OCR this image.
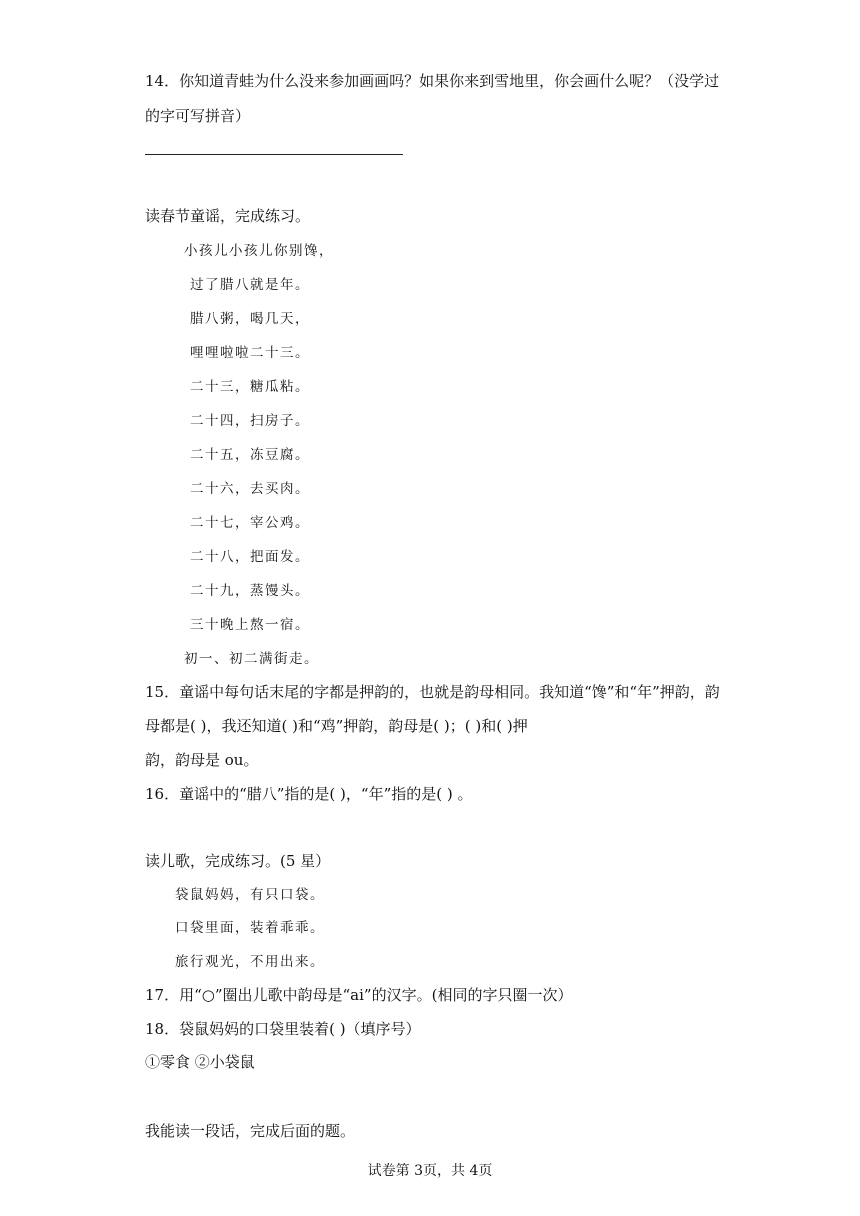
14．你知道青蛙为什么没来参加画画吗？如果你来到雪地里，你会画什么呢？（没学过
的字可写拼音）
读春节童谣，完成练习。
小孩儿小孩儿你别馋，
过了腊八就是年。
腊八粥，喝几天，
哩哩啦啦二十三。
二十三，糖瓜粘。
二十四，扫房子。
二十五，冻豆腐。
二十六，去买肉。
二十七，宰公鸡。
二十八，把面发。
二十九，蒸馒头。
三十晚上熬一宿。
初一、初二满街走。
15．童谣中每句话末尾的字都是押韵的，也就是韵母相同。我知道“馋”和“年”押韵，韵
母都是( )，我还知道( )和“鸡”押韵，韵母是( )；( )和( )押
韵，韵母是 ou。
16．童谣中的“腊八”指的是( )，“年”指的是( ) 。
读儿歌，完成练习。(5 星）
袋鼠妈妈，有只口袋。
口袋里面，装着乖乖。
旅行观光，不用出来。
17．用“○”圈出儿歌中韵母是“ai”的汉字。(相同的字只圈一次）
18．袋鼠妈妈的口袋里装着( )（填序号）
①零食 ②小袋鼠
我能读一段话，完成后面的题。
试卷第 3页，共 4页
